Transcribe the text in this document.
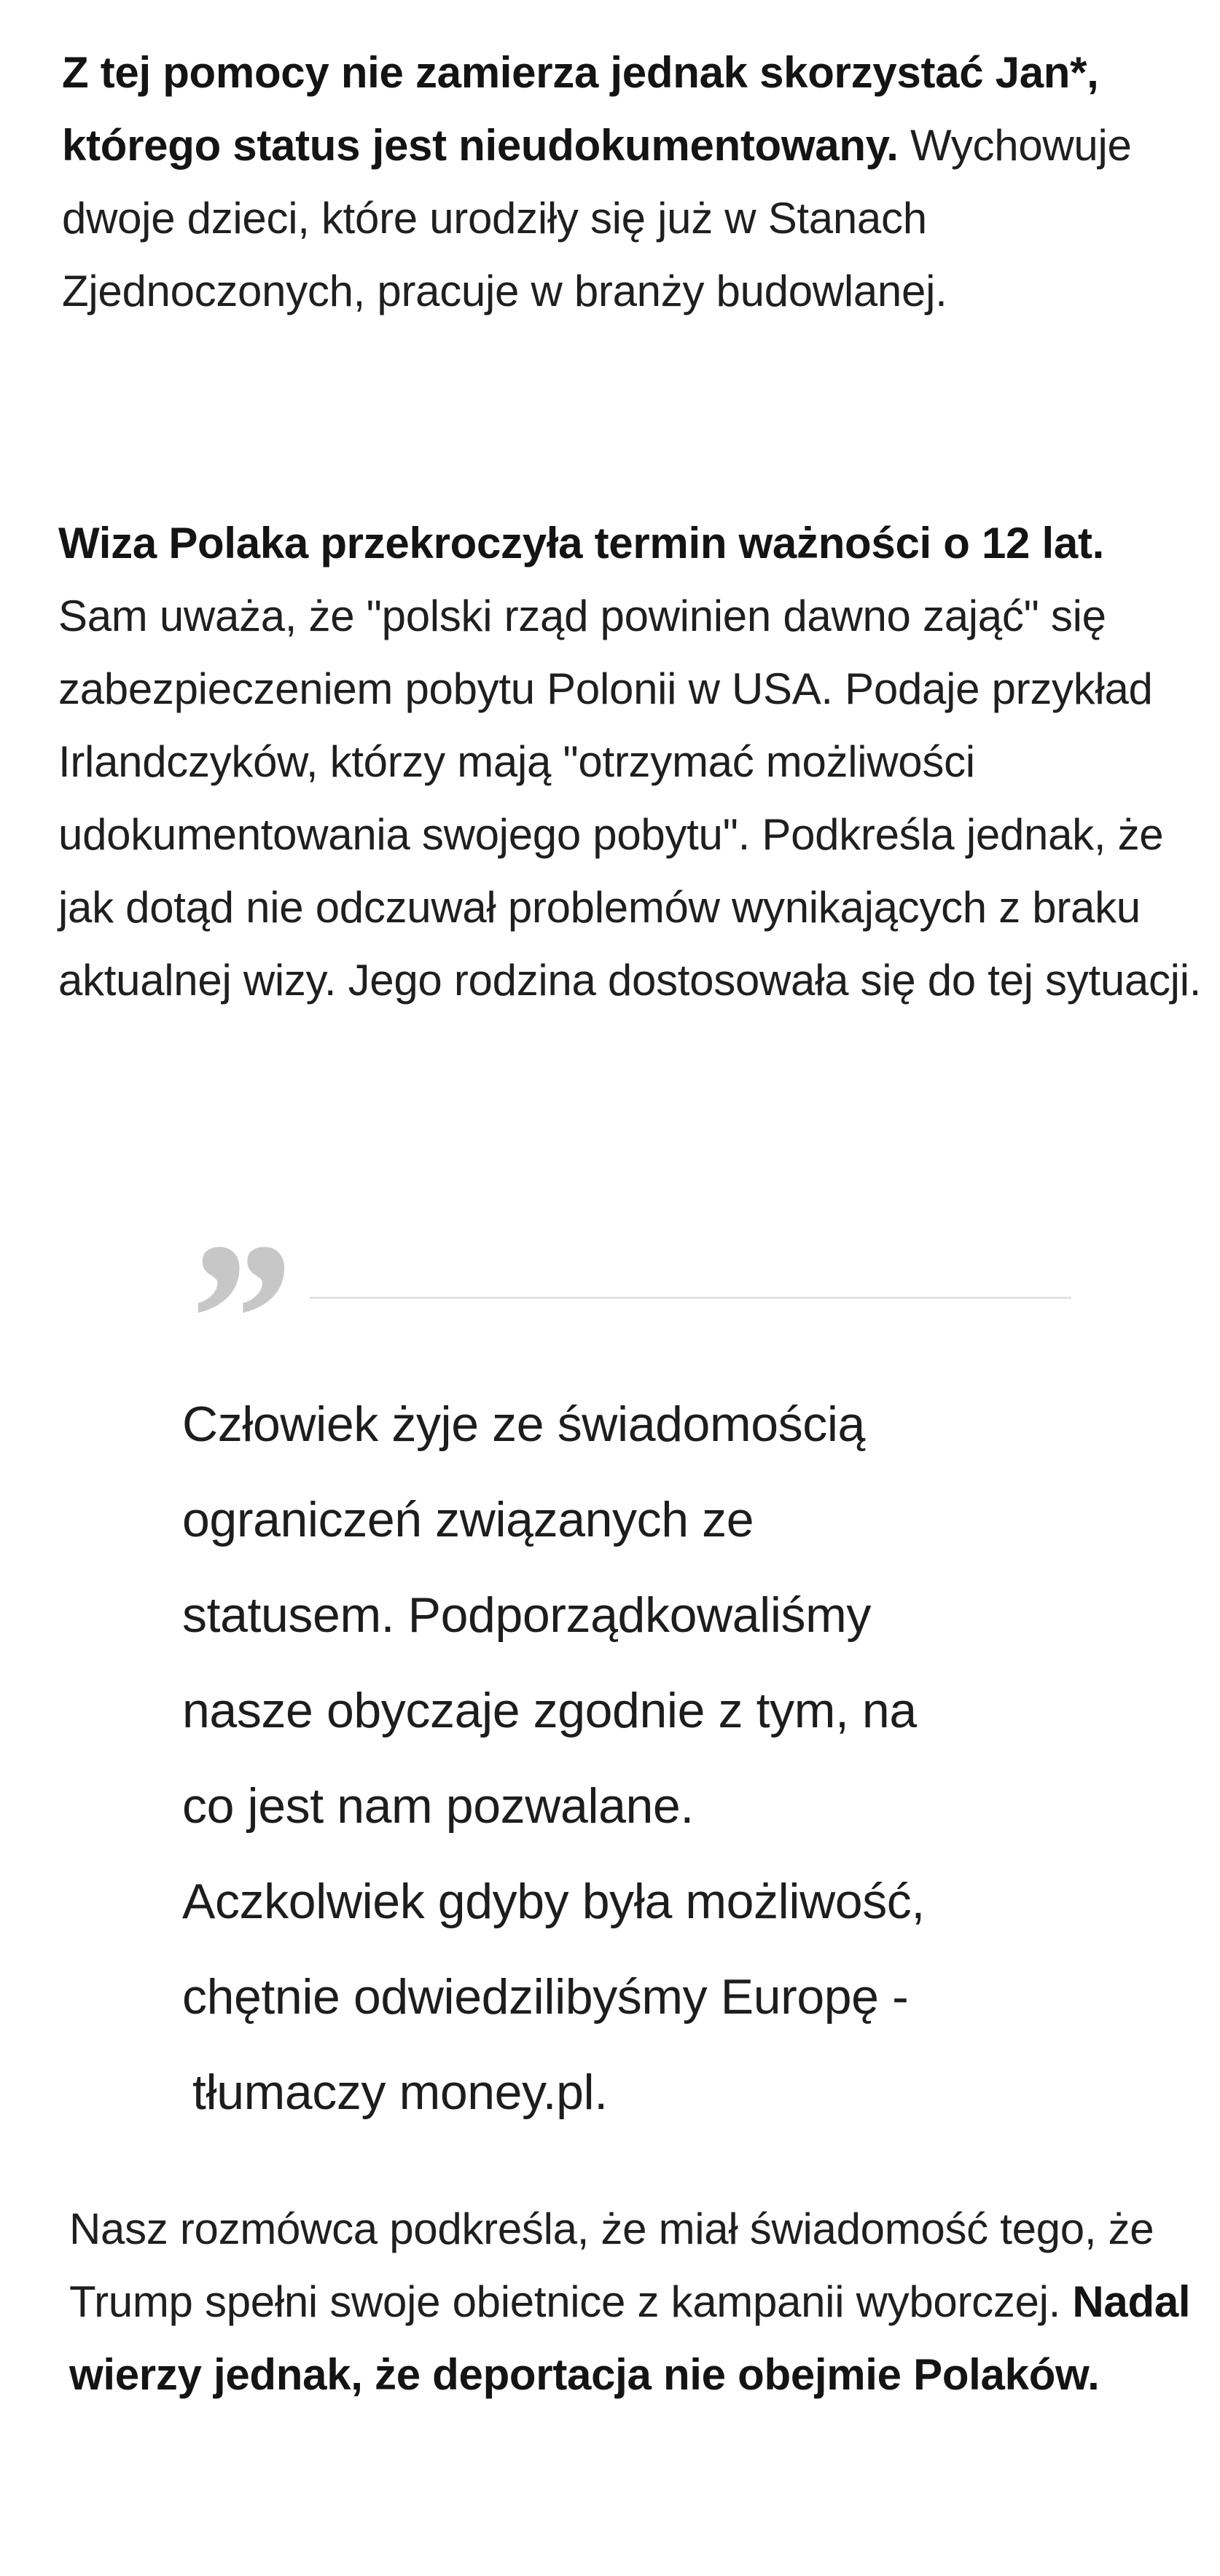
Z tej pomocy nie zamierza jednak skorzystać Jan*, którego status jest nieudokumentowany. Wychowuje dwoje dzieci, które urodziły się już w Stanach Zjednoczonych, pracuje w branży budowlanej.

Wiza Polaka przekroczyła termin ważności o 12 lat. Sam uważa, że "polski rząd powinien dawno zająć" się zabezpieczeniem pobytu Polonii w USA. Podaje przykład Irlandczyków, którzy mają "otrzymać możliwości udokumentowania swojego pobytu". Podkreśla jednak, że jak dotąd nie odczuwał problemów wynikających z braku aktualnej wizy. Jego rodzina dostosowała się do tej sytuacji.

”

Człowiek żyje ze świadomością
ograniczeń związanych ze
statusem. Podporządkowaliśmy
nasze obyczaje zgodnie z tym, na
co jest nam pozwalane.
Aczkolwiek gdyby była możliwość,
chętnie odwiedzilibyśmy Europę -
tłumaczy money.pl.

Nasz rozmówca podkreśla, że miał świadomość tego, że Trump spełni swoje obietnice z kampanii wyborczej. Nadal wierzy jednak, że deportacja nie obejmie Polaków.
